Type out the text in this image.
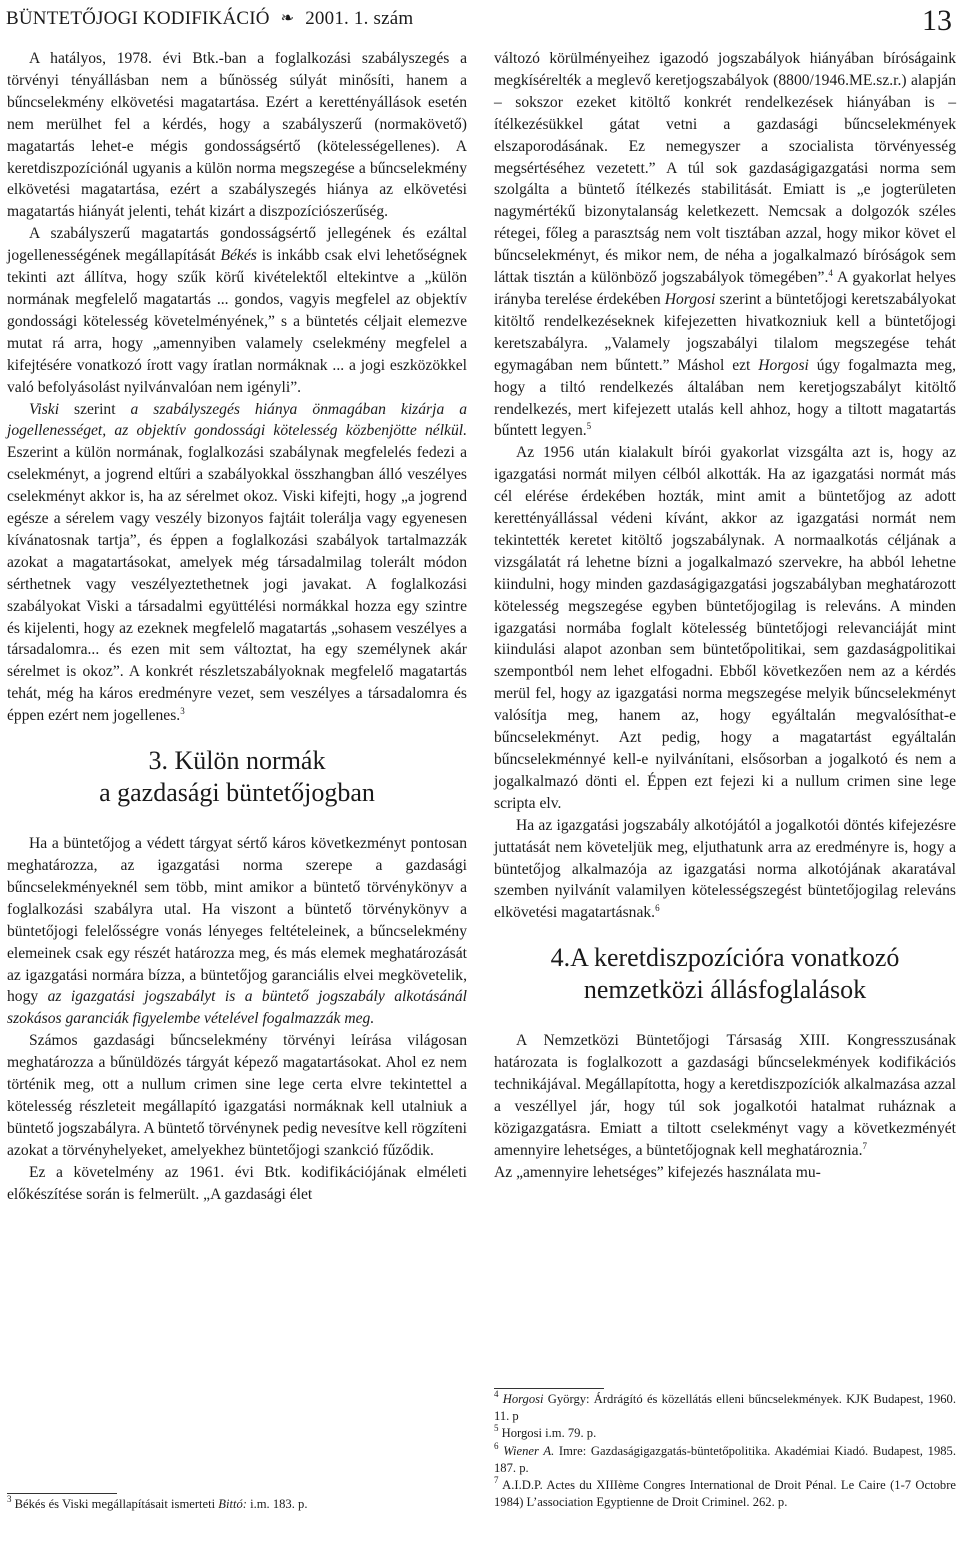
BÜNTETŐJOGI KODIFIKÁCIÓ ❧ 2001. 1. szám	13

A hatályos, 1978. évi Btk.-ban a foglalkozási szabályszegés a törvényi tényállásban nem a bűnösség súlyát minősíti, hanem a bűncselekmény elkövetési magatartása. Ezért a kerettényállások esetén nem merülhet fel a kérdés, hogy a szabályszerű (normakövető) magatartás lehet-e mégis gondosságsértő (kötelességellenes). A keretdiszpozíciónál ugyanis a külön norma megszegése a bűncselekmény elkövetési magatartása, ezért a szabályszegés hiánya az elkövetési magatartás hiányát jelenti, tehát kizárt a diszpozíciószerűség.

A szabályszerű magatartás gondosságsértő jellegének és ezáltal jogellenességének megállapítását Békés is inkább csak elvi lehetőségnek tekinti azt állítva, hogy szűk körű kivételektől eltekintve a „külön normának megfelelő magatartás ... gondos, vagyis megfelel az objektív gondossági kötelesség követelményének,” s a büntetés céljait elemezve mutat rá arra, hogy „amennyiben valamely cselekmény megfelel a kifejtésére vonatkozó írott vagy íratlan normáknak ... a jogi eszközökkel való befolyásolást nyilvánvalóan nem igényli”.

Viski szerint a szabályszegés hiánya önmagában kizárja a jogellenességet, az objektív gondossági kötelesség közbenjötte nélkül. Eszerint a külön normának, foglalkozási szabálynak megfelelés fedezi a cselekményt, a jogrend eltűri a szabályokkal összhangban álló veszélyes cselekményt akkor is, ha az sérelmet okoz. Viski kifejti, hogy „a jogrend egésze a sérelem vagy veszély bizonyos fajtáit tolerálja vagy egyenesen kívánatosnak tartja”, és éppen a foglalkozási szabályok tartalmazzák azokat a magatartásokat, amelyek még társadalmilag tolerált módon sérthetnek vagy veszélyeztethetnek jogi javakat. A foglalkozási szabályokat Viski a társadalmi együttélési normákkal hozza egy szintre és kijelenti, hogy az ezeknek megfelelő magatartás „sohasem veszélyes a társadalomra... és ezen mit sem változtat, ha egy személynek akár sérelmet is okoz”. A konkrét részletszabályoknak megfelelő magatartás tehát, még ha káros eredményre vezet, sem veszélyes a társadalomra és éppen ezért nem jogellenes.$^3$

3. Külön normák
a gazdasági büntetőjogban

Ha a büntetőjog a védett tárgyat sértő káros következményt pontosan meghatározza, az igazgatási norma szerepe a gazdasági bűncselekményeknél sem több, mint amikor a büntető törvénykönyv a foglalkozási szabályra utal. Ha viszont a büntető törvénykönyv a büntetőjogi felelősségre vonás lényeges feltételeinek, a bűncselekmény elemeinek csak egy részét határozza meg, és más elemek meghatározását az igazgatási normára bízza, a büntetőjog garanciális elvei megkövetelik, hogy az igazgatási jogszabályt is a büntető jogszabály alkotásánál szokásos garanciák figyelembe vételével fogalmazzák meg.

Számos gazdasági bűncselekmény törvényi leírása világosan meghatározza a bűnüldözés tárgyát képező magatartásokat. Ahol ez nem történik meg, ott a nullum crimen sine lege certa elvre tekintettel a kötelesség részleteit megállapító igazgatási normáknak kell utalniuk a büntető jogszabályra. A büntető törvénynek pedig nevesítve kell rögzíteni azokat a törvényhelyeket, amelyekhez büntetőjogi szankció fűződik.

Ez a követelmény az 1961. évi Btk. kodifikációjának elméleti előkészítése során is felmerült. „A gazdasági élet

$^3$ Békés és Viski megállapításait ismerteti Bittó: i.m. 183. p.

változó körülményeihez igazodó jogszabályok hiányában bíróságaink megkísérelték a meglevő keretjogszabályok (8800/1946.ME.sz.r.) alapján – sokszor ezeket kitöltő konkrét rendelkezések hiányában is – ítélkezésükkel gátat vetni a gazdasági bűncselekmények elszaporodásának. Ez nemegyszer a szocialista törvényesség megsértéséhez vezetett.” A túl sok gazdaságigazgatási norma sem szolgálta a büntető ítélkezés stabilitását. Emiatt is „e jogterületen nagymértékű bizonytalanság keletkezett. Nemcsak a dolgozók széles rétegei, főleg a parasztság nem volt tisztában azzal, hogy mikor követ el bűncselekményt, és mikor nem, de néha a jogalkalmazó bíróságok sem láttak tisztán a különböző jogszabályok tömegében”.$^4$ A gyakorlat helyes irányba terelése érdekében Horgosi szerint a büntetőjogi keretszabályokat kitöltő rendelkezéseknek kifejezetten hivatkozniuk kell a büntetőjogi keretszabályra. „Valamely jogszabályi tilalom megszegése tehát egymagában nem bűntett.” Máshol ezt Horgosi úgy fogalmazta meg, hogy a tiltó rendelkezés általában nem keretjogszabályt kitöltő rendelkezés, mert kifejezett utalás kell ahhoz, hogy a tiltott magatartás bűntett legyen.$^5$

Az 1956 után kialakult bírói gyakorlat vizsgálta azt is, hogy az igazgatási normát milyen célból alkották. Ha az igazgatási normát más cél elérése érdekében hozták, mint amit a büntetőjog az adott kerettényállással védeni kívánt, akkor az igazgatási normát nem tekintették keretet kitöltő jogszabálynak. A normaalkotás céljának a vizsgálatát rá lehetne bízni a jogalkalmazó szervekre, ha abból lehetne kiindulni, hogy minden gazdaságigazgatási jogszabályban meghatározott kötelesség megszegése egyben büntetőjogilag is releváns. A minden igazgatási normába foglalt kötelesség büntetőjogi relevanciáját mint kiindulási alapot azonban sem büntetőpolitikai, sem gazdaságpolitikai szempontból nem lehet elfogadni. Ebből következően nem az a kérdés merül fel, hogy az igazgatási norma megszegése melyik bűncselekményt valósítja meg, hanem az, hogy egyáltalán megvalósíthat-e bűncselekményt. Azt pedig, hogy a magatartást egyáltalán bűncselekménnyé kell-e nyilvánítani, elsősorban a jogalkotó és nem a jogalkalmazó dönti el. Éppen ezt fejezi ki a nullum crimen sine lege scripta elv.

Ha az igazgatási jogszabály alkotójától a jogalkotói döntés kifejezésre juttatását nem követeljük meg, eljuthatunk arra az eredményre is, hogy a büntetőjog alkalmazója az igazgatási norma alkotójának akaratával szemben nyilvánít valamilyen kötelességszegést büntetőjogilag releváns elkövetési magatartásnak.$^6$

4.A keretdiszpozícióra vonatkozó
nemzetközi állásfoglalások

A Nemzetközi Büntetőjogi Társaság XIII. Kongresszusának határozata is foglalkozott a gazdasági bűncselekmények kodifikációs technikájával. Megállapította, hogy a keretdiszpozíciók alkalmazása azzal a veszéllyel jár, hogy túl sok jogalkotói hatalmat ruháznak a közigazgatásra. Emiatt a tiltott cselekményt vagy a következményét amennyire lehetséges, a büntetőjognak kell meghatároznia.$^7$

Az „amennyire lehetséges” kifejezés használata mu-

$^4$ Horgosi György: Árdrágító és közellátás elleni bűncselekmények. KJK Budapest, 1960. 11. p

$^5$ Horgosi i.m. 79. p.

$^6$ Wiener A. Imre: Gazdaságigazgatás-büntetőpolitika. Akadémiai Kiadó. Budapest, 1985. 187. p.

$^7$ A.I.D.P. Actes du XIIIème Congres International de Droit Pénal. Le Caire (1-7 Octobre 1984) L’association Egyptienne de Droit Criminel. 262. p.
